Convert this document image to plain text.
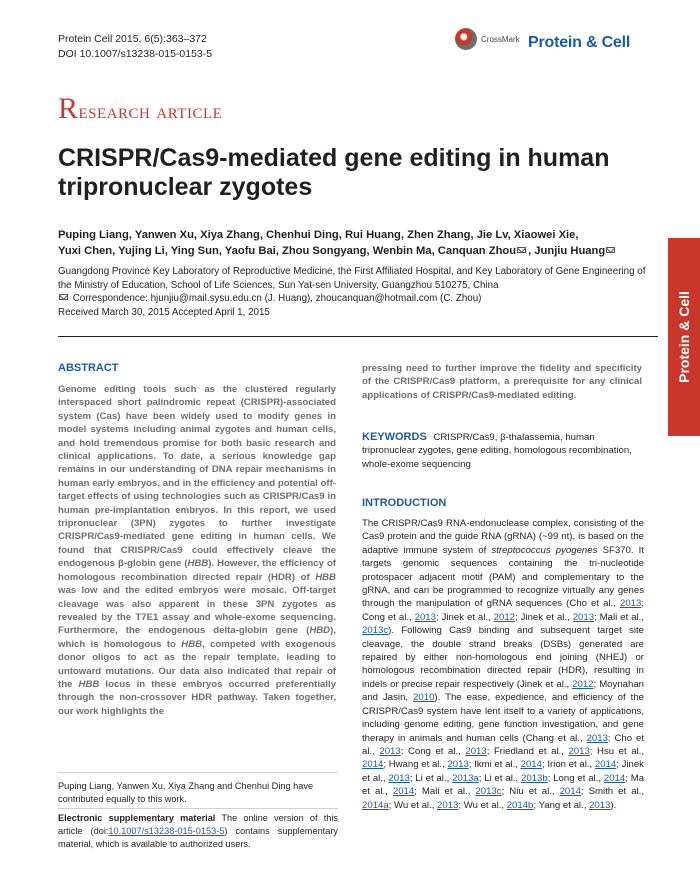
Protein Cell 2015, 6(5):363–372
DOI 10.1007/s13238-015-0153-5
CrossMark Protein & Cell
Protein & Cell
Research article
CRISPR/Cas9-mediated gene editing in human tripronuclear zygotes
Puping Liang, Yanwen Xu, Xiya Zhang, Chenhui Ding, Rui Huang, Zhen Zhang, Jie Lv, Xiaowei Xie,
Yuxi Chen, Yujing Li, Ying Sun, Yaofu Bai, Zhou Songyang, Wenbin Ma, Canquan Zhou , Junjiu Huang
Guangdong Province Key Laboratory of Reproductive Medicine, the First Affiliated Hospital, and Key Laboratory of Gene Engineering of the Ministry of Education, School of Life Sciences, Sun Yat-sen University, Guangzhou 510275, China
Correspondence: hjunjiu@mail.sysu.edu.cn (J. Huang), zhoucanquan@hotmail.com (C. Zhou)
Received March 30, 2015 Accepted April 1, 2015
ABSTRACT
Genome editing tools such as the clustered regularly interspaced short palindromic repeat (CRISPR)-associated system (Cas) have been widely used to modify genes in model systems including animal zygotes and human cells, and hold tremendous promise for both basic research and clinical applications. To date, a serious knowledge gap remains in our understanding of DNA repair mechanisms in human early embryos, and in the efficiency and potential off-target effects of using technologies such as CRISPR/Cas9 in human pre-implantation embryos. In this report, we used tripronuclear (3PN) zygotes to further investigate CRISPR/Cas9-mediated gene editing in human cells. We found that CRISPR/Cas9 could effectively cleave the endogenous β-globin gene (HBB). However, the efficiency of homologous recombination directed repair (HDR) of HBB was low and the edited embryos were mosaic. Off-target cleavage was also apparent in these 3PN zygotes as revealed by the T7E1 assay and whole-exome sequencing. Furthermore, the endogenous delta-globin gene (HBD), which is homologous to HBB, competed with exogenous donor oligos to act as the repair template, leading to untoward mutations. Our data also indicated that repair of the HBB locus in these embryos occurred preferentially through the non-crossover HDR pathway. Taken together, our work highlights the
pressing need to further improve the fidelity and specificity of the CRISPR/Cas9 platform, a prerequisite for any clinical applications of CRISPR/Cas9-mediated editing.
KEYWORDS CRISPR/Cas9, β-thalassemia, human tripronuclear zygotes, gene editing, homologous recombination, whole-exome sequencing
INTRODUCTION
The CRISPR/Cas9 RNA-endonuclease complex, consisting of the Cas9 protein and the guide RNA (gRNA) (~99 nt), is based on the adaptive immune system of streptococcus pyogenes SF370. It targets genomic sequences containing the tri-nucleotide protospacer adjacent motif (PAM) and complementary to the gRNA, and can be programmed to recognize virtually any genes through the manipulation of gRNA sequences (Cho et al., 2013; Cong et al., 2013; Jinek et al., 2012; Jinek et al., 2013; Mali et al., 2013c). Following Cas9 binding and subsequent target site cleavage, the double strand breaks (DSBs) generated are repaired by either non-homologous end joining (NHEJ) or homologous recombination directed repair (HDR), resulting in indels or precise repair respectively (Jinek et al., 2012; Moynahan and Jasin, 2010). The ease, expedience, and efficiency of the CRISPR/Cas9 system have lent itself to a variety of applications, including genome editing, gene function investigation, and gene therapy in animals and human cells (Chang et al., 2013; Cho et al., 2013; Cong et al., 2013; Friedland et al., 2013; Hsu et al., 2014; Hwang et al., 2013; Ikmi et al., 2014; Irion et al., 2014; Jinek et al., 2013; Li et al., 2013a; Li et al., 2013b; Long et al., 2014; Ma et al., 2014; Mali et al., 2013c; Niu et al., 2014; Smith et al., 2014a; Wu et al., 2013; Wu et al., 2014b; Yang et al., 2013).
Puping Liang, Yanwen Xu, Xiya Zhang and Chenhui Ding have contributed equally to this work.
Electronic supplementary material The online version of this article (doi:10.1007/s13238-015-0153-5) contains supplementary material, which is available to authorized users.
